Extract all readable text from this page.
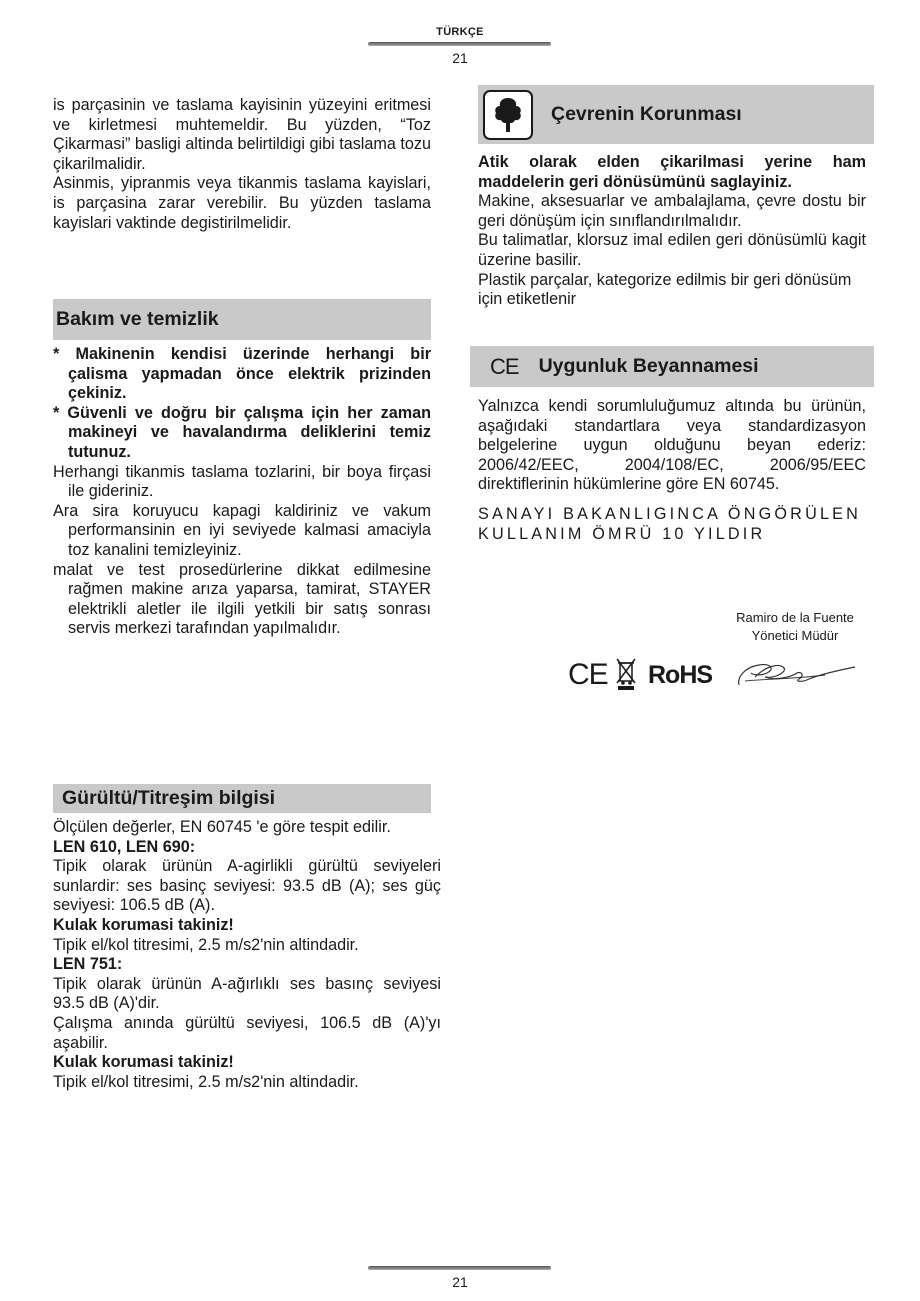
TÜRKÇE
21

is parçasinin ve taslama kayisinin yüzeyini eritmesi ve kirletmesi muhtemeldir. Bu yüzden, “Toz Çikarmasi” basligi altinda belirtildigi gibi taslama tozu çikarilmalidir.

Asinmis, yipranmis veya tikanmis taslama kayislari, is parçasina zarar verebilir. Bu yüzden taslama kayislari vaktinde degistirilmelidir.

Bakım ve temizlik

* Makinenin kendisi üzerinde herhangi bir çalisma yapmadan önce elektrik prizinden çekiniz.

* Güvenli ve doğru bir çalışma için her zaman makineyi ve havalandırma deliklerini temiz tutunuz.

Herhangi tikanmis taslama tozlarini, bir boya firçasi ile gideriniz.

Ara sira koruyucu kapagi kaldiriniz ve vakum performansinin en iyi seviyede kalmasi amaciyla toz kanalini temizleyiniz.

malat ve test prosedürlerine dikkat edilmesine rağmen makine arıza yaparsa, tamirat, STAYER elektrikli aletler ile ilgili yetkili bir satış sonrası servis merkezi tarafından yapılmalıdır.

Gürültü/Titreşim bilgisi

Ölçülen değerler, EN 60745 'e göre tespit edilir.

LEN 610, LEN 690:

Tipik olarak ürünün A-agirlikli gürültü seviyeleri sunlardir: ses basinç seviyesi: 93.5 dB (A); ses güç seviyesi: 106.5 dB (A).

Kulak korumasi takiniz!

Tipik el/kol titresimi, 2.5 m/s2'nin altindadir.

LEN 751:

Tipik olarak ürünün A-ağırlıklı ses basınç seviyesi 93.5 dB (A)'dir.

Çalışma anında gürültü seviyesi, 106.5 dB (A)'yı aşabilir.

Kulak korumasi takiniz!

Tipik el/kol titresimi, 2.5 m/s2'nin altindadir.

Çevrenin Korunması

Atik olarak elden çikarilmasi yerine ham maddelerin geri dönüsümünü saglayiniz.

Makine, aksesuarlar ve ambalajlama, çevre dostu bir geri dönüşüm için sınıflandırılmalıdır.

Bu talimatlar, klorsuz imal edilen geri dönüsümlü kagit üzerine basilir.

Plastik parçalar, kategorize edilmis bir geri dönüsüm için etiketlenir

CE Uygunluk Beyannamesi

Yalnızca kendi sorumluluğumuz altında bu ürünün, aşağıdaki standartlara veya standardizasyon belgelerine uygun olduğunu beyan ederiz: 2006/42/EEC, 2004/108/EC, 2006/95/EEC direktiflerinin hükümlerine göre EN 60745.

SANAYI BAKANLIGINCA ÖNGÖRÜLEN KULLANIM ÖMRÜ 10 YILDIR

Ramiro de la Fuente
Yönetici Müdür
CE RoHS
21
